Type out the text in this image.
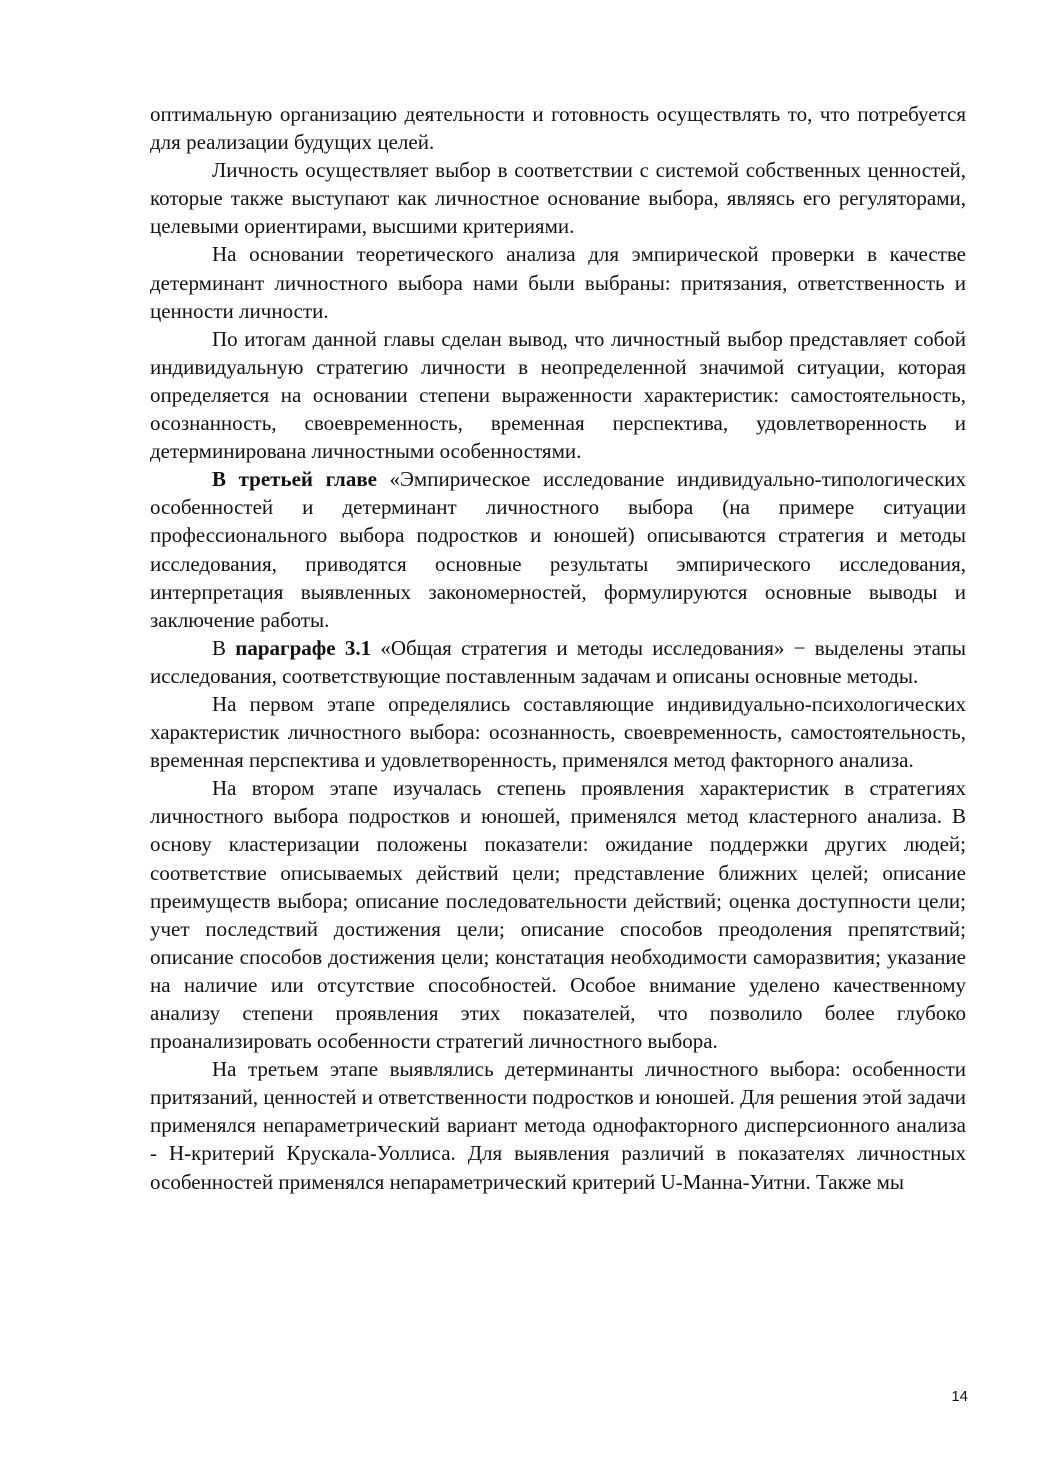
оптимальную организацию деятельности и готовность осуществлять то, что потребуется для реализации будущих целей.

Личность осуществляет выбор в соответствии с системой собственных ценностей, которые также выступают как личностное основание выбора, являясь его регуляторами, целевыми ориентирами, высшими критериями.

На основании теоретического анализа для эмпирической проверки в качестве детерминант личностного выбора нами были выбраны: притязания, ответственность и ценности личности.

По итогам данной главы сделан вывод, что личностный выбор представляет собой индивидуальную стратегию личности в неопределенной значимой ситуации, которая определяется на основании степени выраженности характеристик: самостоятельность, осознанность, своевременность, временная перспектива, удовлетворенность и детерминирована личностными особенностями.

В третьей главе «Эмпирическое исследование индивидуально-типологических особенностей и детерминант личностного выбора (на примере ситуации профессионального выбора подростков и юношей) описываются стратегия и методы исследования, приводятся основные результаты эмпирического исследования, интерпретация выявленных закономерностей, формулируются основные выводы и заключение работы.

В параграфе 3.1 «Общая стратегия и методы исследования» − выделены этапы исследования, соответствующие поставленным задачам и описаны основные методы.

На первом этапе определялись составляющие индивидуально-психологических характеристик личностного выбора: осознанность, своевременность, самостоятельность, временная перспектива и удовлетворенность, применялся метод факторного анализа.

На втором этапе изучалась степень проявления характеристик в стратегиях личностного выбора подростков и юношей, применялся метод кластерного анализа. В основу кластеризации положены показатели: ожидание поддержки других людей; соответствие описываемых действий цели; представление ближних целей; описание преимуществ выбора; описание последовательности действий; оценка доступности цели; учет последствий достижения цели; описание способов преодоления препятствий; описание способов достижения цели; констатация необходимости саморазвития; указание на наличие или отсутствие способностей. Особое внимание уделено качественному анализу степени проявления этих показателей, что позволило более глубоко проанализировать особенности стратегий личностного выбора.

На третьем этапе выявлялись детерминанты личностного выбора: особенности притязаний, ценностей и ответственности подростков и юношей. Для решения этой задачи применялся непараметрический вариант метода однофакторного дисперсионного анализа - H-критерий Крускала-Уоллиса. Для выявления различий в показателях личностных особенностей применялся непараметрический критерий U-Манна-Уитни. Также мы

14
